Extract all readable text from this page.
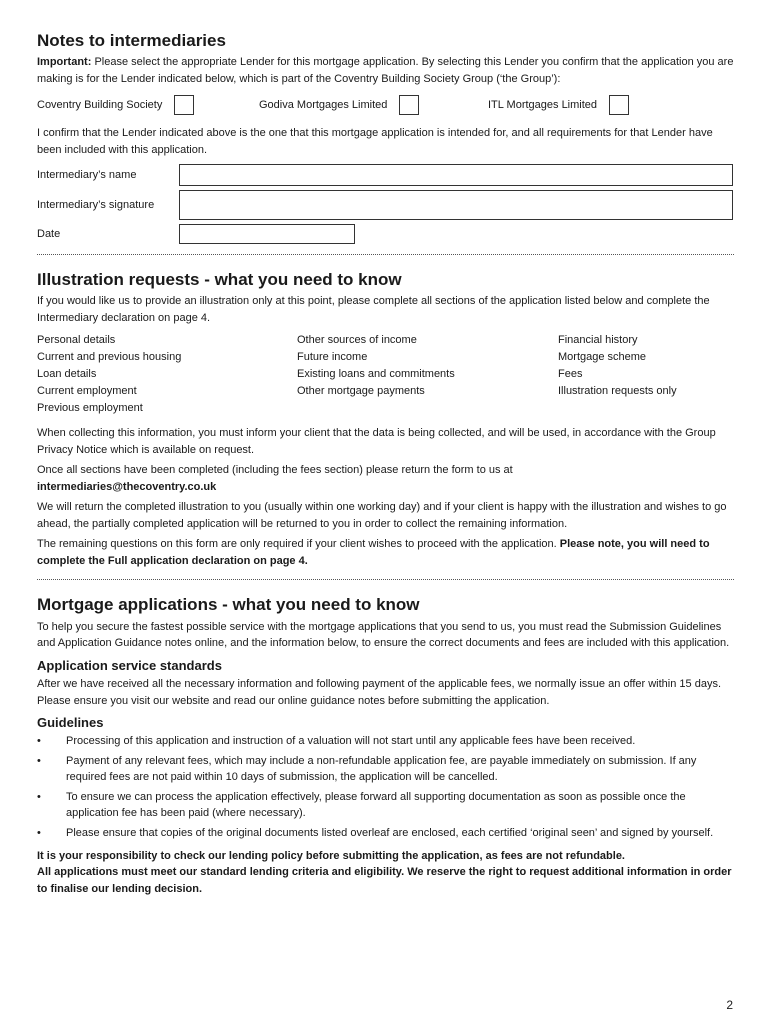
Notes to intermediaries

Important: Please select the appropriate Lender for this mortgage application. By selecting this Lender you confirm that the application you are making is for the Lender indicated below, which is part of the Coventry Building Society Group (‘the Group’):

Coventry Building Society	Godiva Mortgages Limited	ITL Mortgages Limited

I confirm that the Lender indicated above is the one that this mortgage application is intended for, and all requirements for that Lender have been included with this application.

Intermediary’s name
Intermediary’s signature
Date
Illustration requests - what you need to know

If you would like us to provide an illustration only at this point, please complete all sections of the application listed below and complete the Intermediary declaration on page 4.

Personal details
Current and previous housing
Loan details
Current employment
Previous employment
Other sources of income
Future income
Existing loans and commitments
Other mortgage payments
Financial history
Mortgage scheme
Fees
Illustration requests only

When collecting this information, you must inform your client that the data is being collected, and will be used, in accordance with the Group Privacy Notice which is available on request.

Once all sections have been completed (including the fees section) please return the form to us at
intermediaries@thecoventry.co.uk

We will return the completed illustration to you (usually within one working day) and if your client is happy with the illustration and wishes to go ahead, the partially completed application will be returned to you in order to collect the remaining information.

The remaining questions on this form are only required if your client wishes to proceed with the application. Please note, you will need to complete the Full application declaration on page 4.

Mortgage applications - what you need to know

To help you secure the fastest possible service with the mortgage applications that you send to us, you must read the Submission Guidelines and Application Guidance notes online, and the information below, to ensure the correct documents and fees are included with this application.

Application service standards

After we have received all the necessary information and following payment of the applicable fees, we normally issue an offer within 15 days. Please ensure you visit our website and read our online guidance notes before submitting the application.

Guidelines
• Processing of this application and instruction of a valuation will not start until any applicable fees have been received.
• Payment of any relevant fees, which may include a non-refundable application fee, are payable immediately on submission. If any required fees are not paid within 10 days of submission, the application will be cancelled.
• To ensure we can process the application effectively, please forward all supporting documentation as soon as possible once the application fee has been paid (where necessary).
• Please ensure that copies of the original documents listed overleaf are enclosed, each certified ‘original seen’ and signed by yourself.

It is your responsibility to check our lending policy before submitting the application, as fees are not refundable.
All applications must meet our standard lending criteria and eligibility. We reserve the right to request additional information in order to finalise our lending decision.

2
